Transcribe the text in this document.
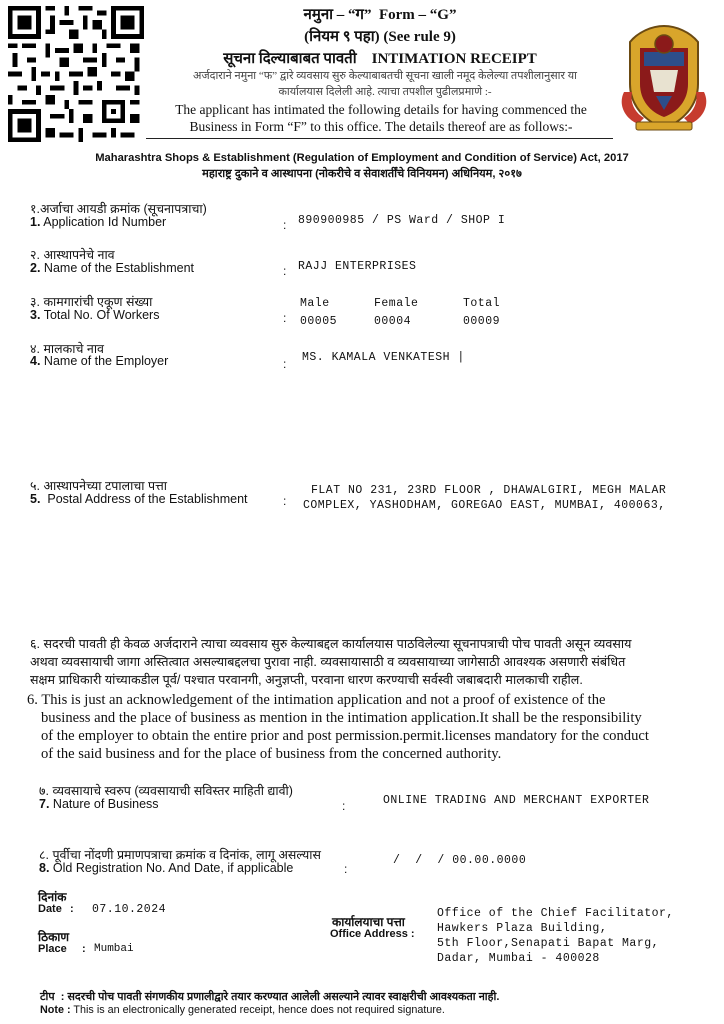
नमुना – “ग” Form – “G”
(नियम ९ पहा) (See rule 9)
सूचना दिल्याबाबत पावती INTIMATION RECEIPT
अर्जदाराने नमुना “फ” द्वारे व्यवसाय सुरु केल्याबाबतची सूचना खाली नमूद केलेल्या तपशीलानुसार या
कार्यालयास दिलेली आहे. त्याचा तपशील पुढीलप्रमाणे :-
The applicant has intimated the following details for having commenced the
Business in Form “F” to this office. The details thereof are as follows:-
Maharashtra Shops & Establishment (Regulation of Employment and Condition of Service) Act, 2017
महाराष्ट्र दुकाने व आस्थापना (नोकरीचे व सेवाशर्तींचे विनियमन) अधिनियम, २०१७
१.अर्जाचा आयडी क्रमांक (सूचनापत्राचा)
1. Application Id Number	: 890900985 / PS Ward / SHOP I
२. आस्थापनेचे नाव
2. Name of the Establishment	: RAJJ ENTERPRISES
३. कामगारांची एकूण संख्या
3. Total No. Of Workers	:
Male	Female	Total
00005	00004	00009
४. मालकाचे नाव
4. Name of the Employer	: MS. KAMALA VENKATESH |
५. आस्थापनेच्या टपालाचा पत्ता
5. Postal Address of the Establishment	:
FLAT NO 231, 23RD FLOOR , DHAWALGIRI, MEGH MALAR
COMPLEX, YASHODHAM, GOREGAO EAST, MUMBAI, 400063,
६. सदरची पावती ही केवळ अर्जदाराने त्याचा व्यवसाय सुरु केल्याबद्दल कार्यालयास पाठविलेल्या सूचनापत्राची पोच पावती असून व्यवसाय
अथवा व्यवसायाची जागा अस्तित्वात असल्याबद्दलचा पुरावा नाही. व्यवसायासाठी व व्यवसायाच्या जागेसाठी आवश्यक असणारी संबंधित
सक्षम प्राधिकारी यांच्याकडील पूर्व/ पश्चात परवानगी, अनुज्ञप्ती, परवाना धारण करण्याची सर्वस्वी जबाबदारी मालकाची राहील.
6. This is just an acknowledgement of the intimation application and not a proof of existence of the
business and the place of business as mention in the intimation application.It shall be the responsibility
of the employer to obtain the entire prior and post permission.permit.licenses mandatory for the conduct
of the said business and for the place of business from the concerned authority.
७. व्यवसायाचे स्वरुप (व्यवसायाची सविस्तर माहिती द्यावी)
7. Nature of Business	:	ONLINE TRADING AND MERCHANT EXPORTER
८. पूर्वीचा नोंदणी प्रमाणपत्राचा क्रमांक व दिनांक, लागू असल्यास
8. Old Registration No. And Date, if applicable	:
/  /  / 00.00.0000
दिनांक
Date : 07.10.2024
ठिकाण
Place : Mumbai
कार्यालयाचा पत्ता
Office Address :
Office of the Chief Facilitator,
Hawkers Plaza Building,
5th Floor,Senapati Bapat Marg,
Dadar, Mumbai - 400028
टीप  : सदरची पोच पावती संगणकीय प्रणालीद्वारे तयार करण्यात आलेली असल्याने त्यावर स्वाक्षरीची आवश्यकता नाही.
Note : This is an electronically generated receipt, hence does not required signature.
